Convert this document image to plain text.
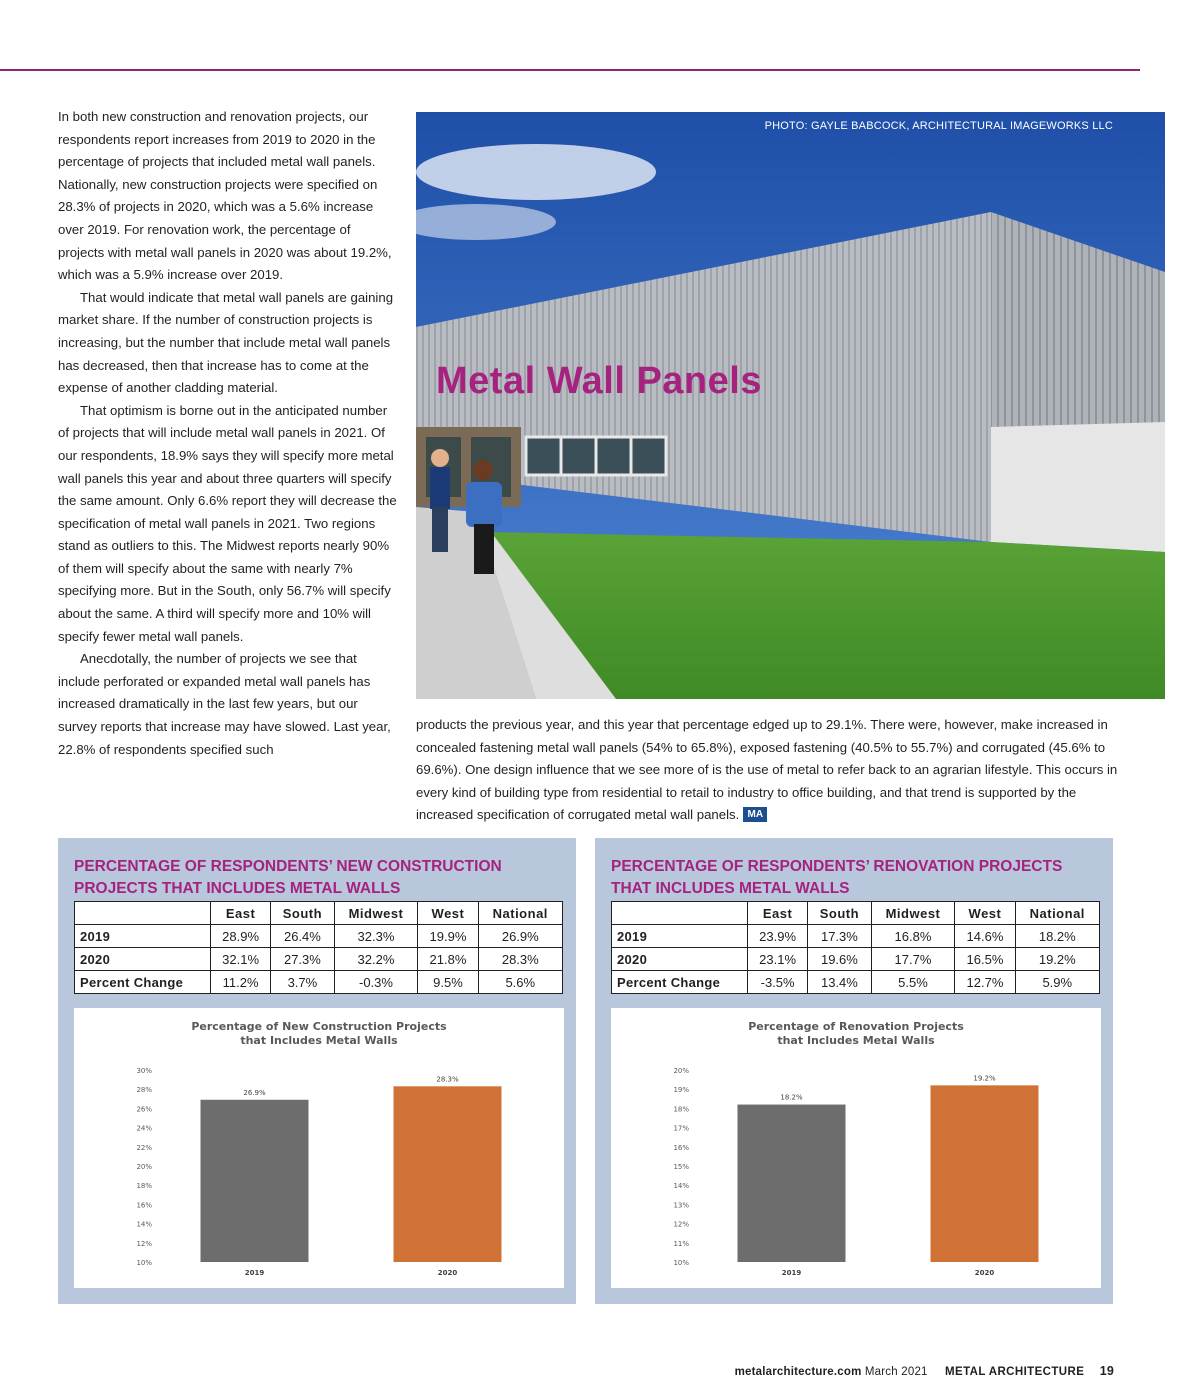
In both new construction and renovation projects, our respondents report increases from 2019 to 2020 in the percentage of projects that included metal wall panels. Nationally, new construction projects were specified on 28.3% of projects in 2020, which was a 5.6% increase over 2019. For renovation work, the percentage of projects with metal wall panels in 2020 was about 19.2%, which was a 5.9% increase over 2019.

That would indicate that metal wall panels are gaining market share. If the number of construction projects is increasing, but the number that include metal wall panels has decreased, then that increase has to come at the expense of another cladding material.

That optimism is borne out in the anticipated number of projects that will include metal wall panels in 2021. Of our respondents, 18.9% says they will specify more metal wall panels this year and about three quarters will specify the same amount. Only 6.6% report they will decrease the specification of metal wall panels in 2021. Two regions stand as outliers to this. The Midwest reports nearly 90% of them will specify about the same with nearly 7% specifying more. But in the South, only 56.7% will specify about the same. A third will specify more and 10% will specify fewer metal wall panels.

Anecdotally, the number of projects we see that include perforated or expanded metal wall panels has increased dramatically in the last few years, but our survey reports that increase may have slowed. Last year, 22.8% of respondents specified such

PHOTO: GAYLE BABCOCK, ARCHITECTURAL IMAGEWORKS LLC
Metal Wall Panels
products the previous year, and this year that percentage edged up to 29.1%. There were, however, make increased in concealed fastening metal wall panels (54% to 65.8%), exposed fastening (40.5% to 55.7%) and corrugated (45.6% to 69.6%). One design influence that we see more of is the use of metal to refer back to an agrarian lifestyle. This occurs in every kind of building type from residential to retail to industry to office building, and that trend is supported by the increased specification of corrugated metal wall panels. MA
PERCENTAGE OF RESPONDENTS’ NEW CONSTRUCTION PROJECTS THAT INCLUDES METAL WALLS
	East	South	Midwest	West	National
2019	28.9%	26.4%	32.3%	19.9%	26.9%
2020	32.1%	27.3%	32.2%	21.8%	28.3%
Percent Change	11.2%	3.7%	-0.3%	9.5%	5.6%
Percentage of New Construction Projects
that Includes Metal Walls
10%
12%
14%
16%
18%
20%
22%
24%
26%
28%
30%
26.9%
2019
28.3%
2020
PERCENTAGE OF RESPONDENTS’ RENOVATION PROJECTS THAT INCLUDES METAL WALLS
	East	South	Midwest	West	National
2019	23.9%	17.3%	16.8%	14.6%	18.2%
2020	23.1%	19.6%	17.7%	16.5%	19.2%
Percent Change	-3.5%	13.4%	5.5%	12.7%	5.9%
Percentage of Renovation Projects
that Includes Metal Walls
10%
11%
12%
13%
14%
15%
16%
17%
18%
19%
20%
18.2%
2019
19.2%
2020
metalarchitecture.com March 2021 METAL ARCHITECTURE 19
